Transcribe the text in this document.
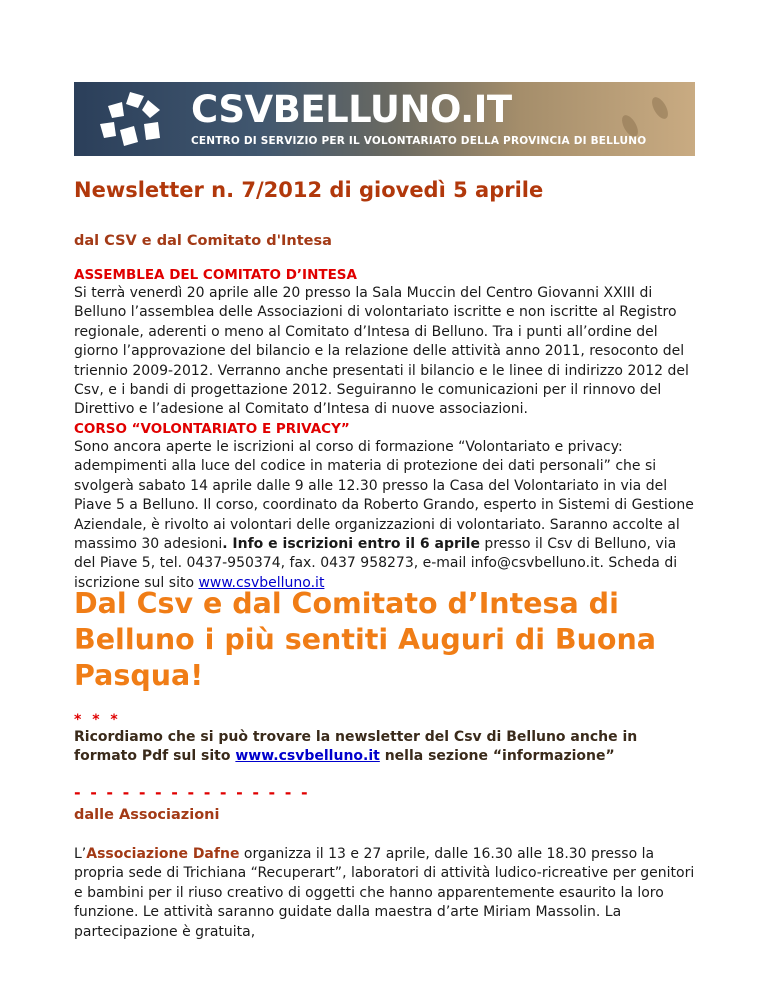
CSVBELLUNO.IT
CENTRO DI SERVIZIO PER IL VOLONTARIATO DELLA PROVINCIA DI BELLUNO
Newsletter n. 7/2012 di giovedì 5 aprile
dal CSV e dal Comitato d'Intesa
ASSEMBLEA DEL COMITATO D’INTESA

Si terrà venerdì 20 aprile alle 20 presso la Sala Muccin del Centro Giovanni XXIII di Belluno l’assemblea delle Associazioni di volontariato iscritte e non iscritte al Registro regionale, aderenti o meno al Comitato d’Intesa di Belluno. Tra i punti all’ordine del giorno l’approvazione del bilancio e la relazione delle attività anno 2011, resoconto del triennio 2009-2012. Verranno anche presentati il bilancio e le linee di indirizzo 2012 del Csv, e i bandi di progettazione 2012. Seguiranno le comunicazioni per il rinnovo del Direttivo e l’adesione al Comitato d’Intesa di nuove associazioni.

CORSO “VOLONTARIATO E PRIVACY”

Sono ancora aperte le iscrizioni al corso di formazione “Volontariato e privacy: adempimenti alla luce del codice in materia di protezione dei dati personali” che si svolgerà sabato 14 aprile dalle 9 alle 12.30 presso la Casa del Volontariato in via del Piave 5 a Belluno. Il corso, coordinato da Roberto Grando, esperto in Sistemi di Gestione Aziendale, è rivolto ai volontari delle organizzazioni di volontariato. Saranno accolte al massimo 30 adesioni. Info e iscrizioni entro il 6 aprile presso il Csv di Belluno, via del Piave 5, tel. 0437-950374, fax. 0437 958273, e-mail info@csvbelluno.it. Scheda di iscrizione sul sito www.csvbelluno.it

Dal Csv e dal Comitato d’Intesa di Belluno i più sentiti Auguri di Buona Pasqua!

* * *

Ricordiamo che si può trovare la newsletter del Csv di Belluno anche in formato Pdf sul sito www.csvbelluno.it nella sezione “informazione”

- - - - - - - - - - - - - - -
dalle Associazioni

L’Associazione Dafne organizza il 13 e 27 aprile, dalle 16.30 alle 18.30 presso la propria sede di Trichiana “Recuperart”, laboratori di attività ludico-ricreative per genitori e bambini per il riuso creativo di oggetti che hanno apparentemente esaurito la loro funzione. Le attività saranno guidate dalla maestra d’arte Miriam Massolin. La partecipazione è gratuita,
